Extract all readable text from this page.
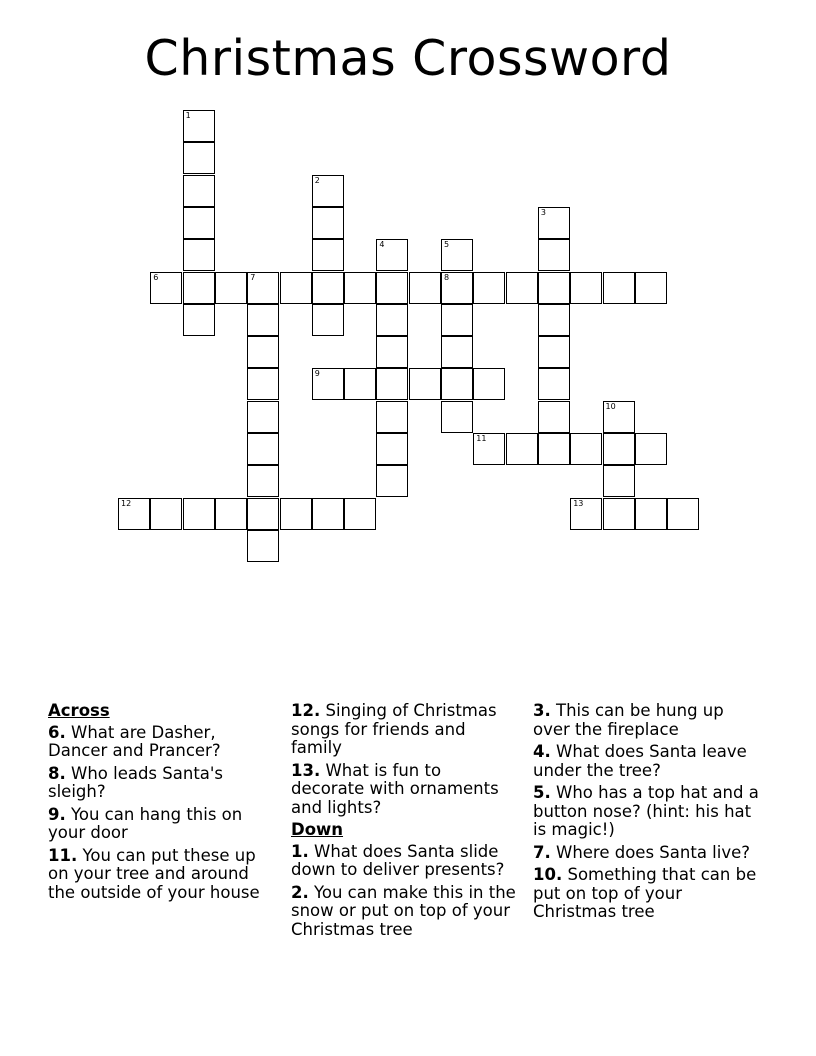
Christmas Crossword
1
2
3
4	5
8
6	7
9
10
11
12	13
Across
6. What are Dasher, Dancer and Prancer?
8. Who leads Santa's sleigh?
9. You can hang this on your door
11. You can put these up on your tree and around the outside of your house
12. Singing of Christmas songs for friends and family
13. What is fun to decorate with ornaments and lights?
Down
1. What does Santa slide down to deliver presents?
2. You can make this in the snow or put on top of your Christmas tree
3. This can be hung up over the fireplace
4. What does Santa leave under the tree?
5. Who has a top hat and a button nose? (hint: his hat is magic!)
7. Where does Santa live?
10. Something that can be put on top of your Christmas tree
